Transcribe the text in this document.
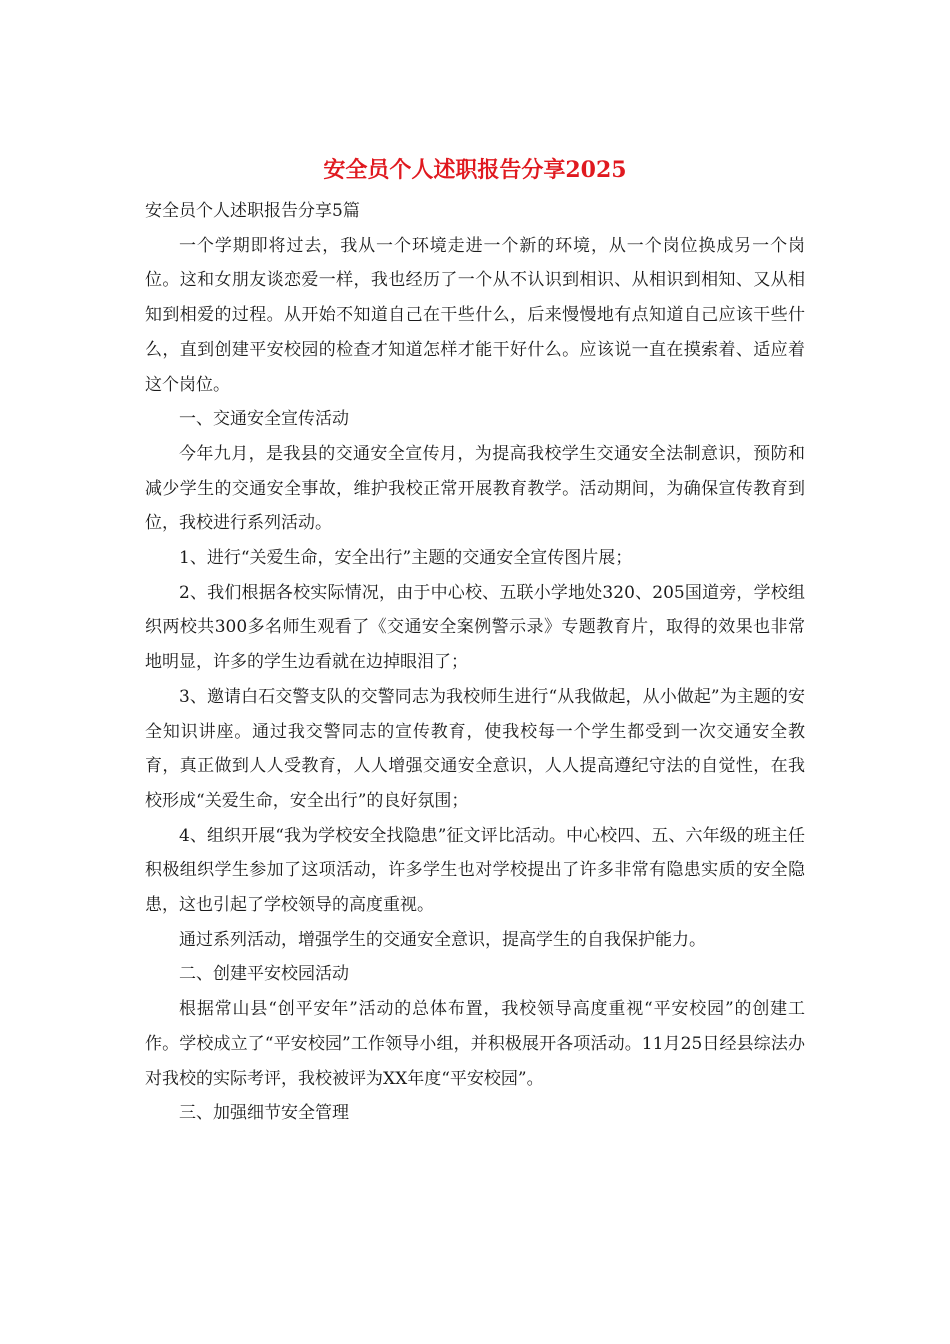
安全员个人述职报告分享2025

安全员个人述职报告分享5篇

一个学期即将过去，我从一个环境走进一个新的环境，从一个岗位换成另一个岗位。这和女朋友谈恋爱一样，我也经历了一个从不认识到相识、从相识到相知、又从相知到相爱的过程。从开始不知道自己在干些什么，后来慢慢地有点知道自己应该干些什么，直到创建平安校园的检查才知道怎样才能干好什么。应该说一直在摸索着、适应着这个岗位。

一、交通安全宣传活动

今年九月，是我县的交通安全宣传月，为提高我校学生交通安全法制意识，预防和减少学生的交通安全事故，维护我校正常开展教育教学。活动期间，为确保宣传教育到位，我校进行系列活动。

1、进行“关爱生命，安全出行”主题的交通安全宣传图片展；

2、我们根据各校实际情况，由于中心校、五联小学地处320、205国道旁，学校组织两校共300多名师生观看了《交通安全案例警示录》专题教育片，取得的效果也非常地明显，许多的学生边看就在边掉眼泪了；

3、邀请白石交警支队的交警同志为我校师生进行“从我做起，从小做起”为主题的安全知识讲座。通过我交警同志的宣传教育，使我校每一个学生都受到一次交通安全教育，真正做到人人受教育，人人增强交通安全意识，人人提高遵纪守法的自觉性，在我校形成“关爱生命，安全出行”的良好氛围；

4、组织开展“我为学校安全找隐患”征文评比活动。中心校四、五、六年级的班主任积极组织学生参加了这项活动，许多学生也对学校提出了许多非常有隐患实质的安全隐患，这也引起了学校领导的高度重视。

通过系列活动，增强学生的交通安全意识，提高学生的自我保护能力。

二、创建平安校园活动

根据常山县“创平安年”活动的总体布置，我校领导高度重视“平安校园”的创建工作。学校成立了“平安校园”工作领导小组，并积极展开各项活动。11月25日经县综法办对我校的实际考评，我校被评为XX年度“平安校园”。

三、加强细节安全管理
